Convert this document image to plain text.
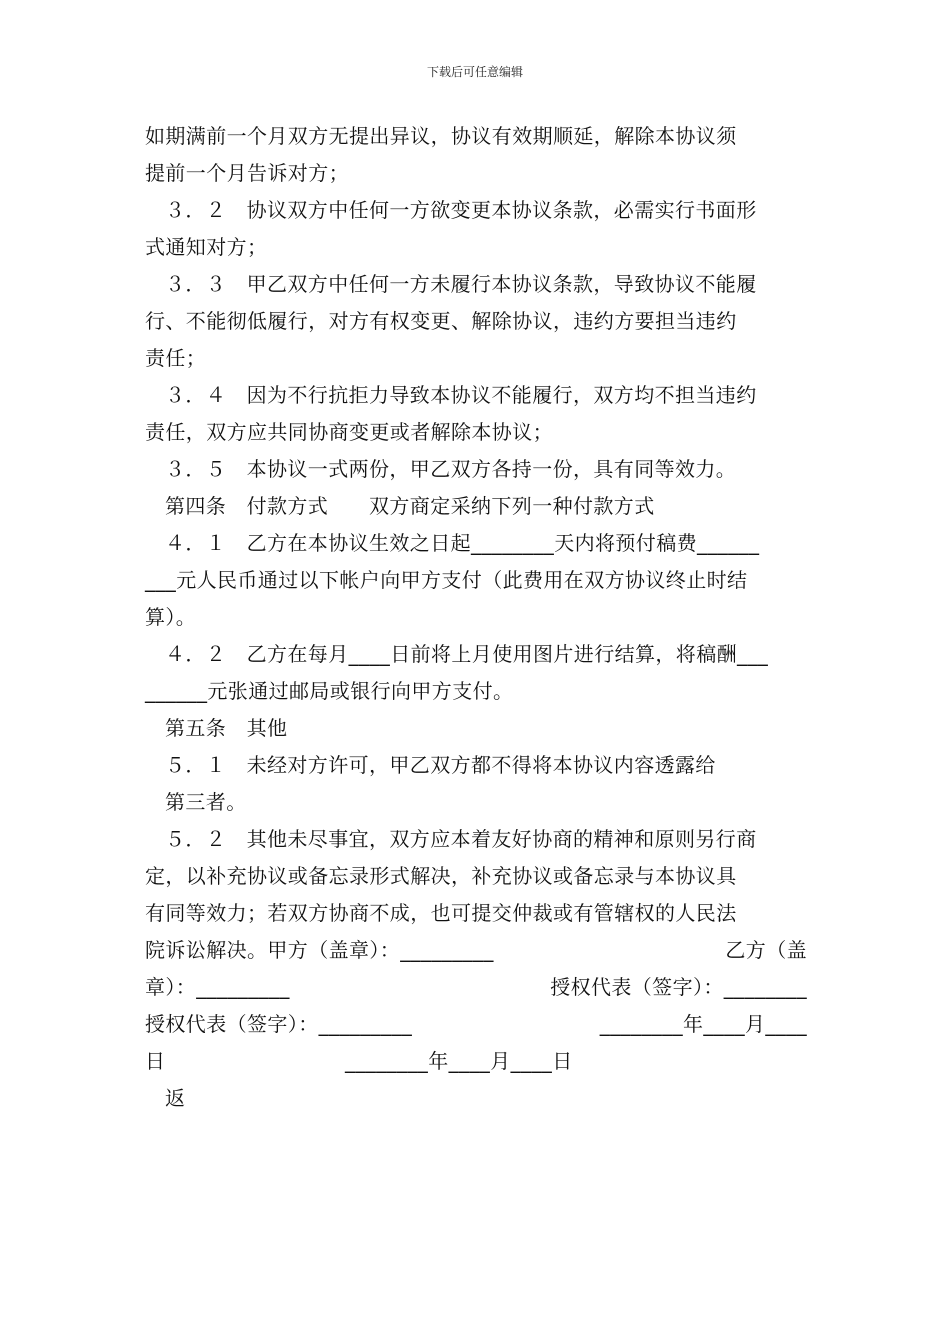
下载后可任意编辑
如期满前一个月双方无提出异议，协议有效期顺延，解除本协议须
提前一个月告诉对方；
３．２　协议双方中任何一方欲变更本协议条款，必需实行书面形
式通知对方；
３．３　甲乙双方中任何一方未履行本协议条款，导致协议不能履
行、不能彻低履行，对方有权变更、解除协议，违约方要担当违约
责任；
３．４　因为不行抗拒力导致本协议不能履行，双方均不担当违约
责任，双方应共同协商变更或者解除本协议；
３．５　本协议一式两份，甲乙双方各持一份，具有同等效力。
第四条　付款方式　　双方商定采纳下列一种付款方式
４．１　乙方在本协议生效之日起________天内将预付稿费______
___元人民币通过以下帐户向甲方支付（此费用在双方协议终止时结
算）。
４．２　乙方在每月____日前将上月使用图片进行结算，将稿酬___
______元张通过邮局或银行向甲方支付。
第五条　其他
５．１　未经对方许可，甲乙双方都不得将本协议内容透露给
第三者。
５．２　其他未尽事宜，双方应本着友好协商的精神和原则另行商
定，以补充协议或备忘录形式解决，补充协议或备忘录与本协议具
有同等效力；若双方协商不成，也可提交仲裁或有管辖权的人民法
院诉讼解决。甲方（盖章）：_________	乙方（盖
章）：_________	授权代表（签字）：________
授权代表（签字）：_________	________年____月____
日	________年____月____日
返
